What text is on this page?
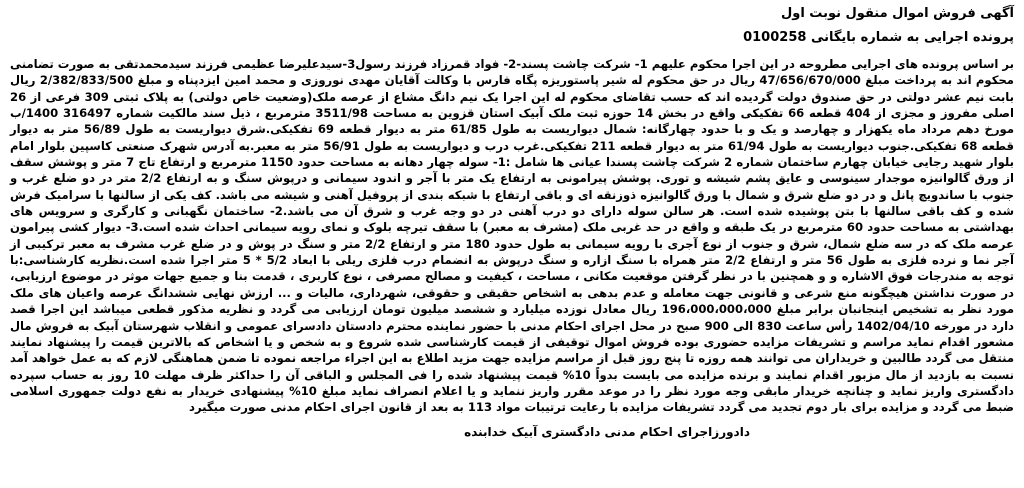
آگهی فروش اموال منقول نوبت اول
پرونده اجرایی به شماره بایگانی 0100258

بر اساس پرونده های اجرایی مطروحه در این اجرا محکوم علیهم 1- شرکت چاشت پسند-2- فواد قمرزاد فرزند رسول3-سیدعلیرضا عظیمی فرزند سیدمحمدتقی به صورت تضامنی محکوم اند به پرداخت مبلغ 47/656/670/000 ریال در حق محکوم له شیر پاستوریزه پگاه فارس با وکالت آقایان مهدی نوروزی و محمد امین ایزدپناه و مبلغ 2/382/833/500 ریال بابت نیم عشر دولتی در حق صندوق دولت گردیده اند که حسب تقاضای محکوم له این اجرا یک نیم دانگ مشاع از عرصه ملک(وضعیت خاص دولتی) به پلاک ثبتی 309 فرعی از 26 اصلی مفروز و مجزی از 404 قطعه 66 تفکیکی واقع در بخش 14 حوزه ثبت ملک آبیک استان قزوین به مساحت 3511/98 مترمربع ، ذیل سند مالکیت شماره 316497 1400/ب مورخ دهم مرداد ماه یکهزار و چهارصد و یک و با حدود چهارگانه: شمال دیواریست به طول 61/85 متر به دیوار قطعه 69 تفکیکی.شرق دیواریست به طول 56/89 متر به دیوار قطعه 68 تفکیکی.جنوب دیواریست به طول 61/94 متر به دیوار قطعه 211 تفکیکی.غرب درب و دیواریست به طول 56/91 متر به معبر.به آدرس شهرک صنعتی کاسپین بلوار امام بلوار شهید رجایی خیابان چهارم ساختمان شماره 2 شرکت چاشت پسندا عیانی ها شامل :1- سوله چهار دهانه به مساحت حدود 1150 مترمربع و ارتفاع تاج 7 متر و پوشش سقف از ورق گالوانیزه موجدار سینوسی و عایق پشم شیشه و توری. پوشش پیرامونی به ارتفاع یک متر با آجر و اندود سیمانی و درپوش سنگ و به ارتفاع 2/2 متر در دو ضلع غرب و جنوب با ساندویچ پانل و در دو ضلع شرق و شمال با ورق گالوانیزه ذوزنقه ای و باقی ارتفاع با شبکه بندی از پروفیل آهنی و شیشه می باشد. کف یکی از سالنها با سرامیک فرش شده و کف باقی سالنها با بتن پوشیده شده است. هر سالن سوله دارای دو درب آهنی در دو وجه غرب و شرق آن می باشد.2- ساختمان نگهبانی و کارگری و سرویس های بهداشتی به مساحت حدود 60 مترمربع در یک طبقه و واقع در حد غربی ملک (مشرف به معبر) با سقف تیرچه بلوک و نمای رویه سیمانی احداث شده است.3- دیوار کشی پیرامون عرصه ملک که در سه ضلع شمال، شرق و جنوب از نوع آجری با رویه سیمانی به طول حدود 180 متر و ارتفاع 2/2 متر و سنگ در پوش و در ضلع غرب مشرف به معبر ترکیبی از آجر نما و نرده فلزی به طول 56 متر و ارتفاع 2/2 متر همراه با سنگ ازاره و سنگ درپوش به انضمام درب فلزی ریلی با ابعاد 5/2 * 5 متر اجرا شده است.نظریه کارشناسی:با توجه به مندرجات فوق الاشاره و و همچنین با در نظر گرفتن موقعیت مکانی ، مساحت ، کیفیت و مصالح مصرفی ، نوع کاربری ، قدمت بنا و جمیع جهات موثر در موضوع ارزیابی، در صورت نداشتن هیچگونه منع شرعی و قانونی جهت معامله و عدم بدهی به اشخاص حقیقی و حقوقی، شهرداری، مالیات و ... ارزش نهایی ششدانگ عرصه واعیان های ملک مورد نظر به تشخیص اینجانبان برابر مبلغ 196،000،000،000 ریال معادل نوزده میلیارد و ششصد میلیون تومان ارزیابی می گردد و نظریه مذکور قطعی میباشد این اجرا قصد دارد در مورخه 1402/04/10 رأس ساعت 830 الی 900 صبح در محل اجرای احکام مدنی با حضور نماینده محترم دادستان دادسرای عمومی و انقلاب شهرستان آبیک به فروش مال مشعور اقدام نماید مراسم و تشریفات مزایده حضوری بوده فروش اموال توقیفی از قیمت کارشناسی شده شروع و به شخص و یا اشخاص که بالاترین قیمت را پیشنهاد نمایند منتقل می گردد طالبین و خریداران می توانند همه روزه تا پنج روز قبل از مراسم مزایده جهت مزید اطلاع به این اجراء مراجعه نموده تا ضمن هماهنگی لازم که به عمل خواهد آمد نسبت به بازدید از مال مزبور اقدام نمایند و برنده مزایده می بایست بدواً 10% قیمت پیشنهاد شده را فی المجلس و الباقی آن را حداکثر ظرف مهلت 10 روز به حساب سپرده دادگستری واریز نماید و چنانچه خریدار مابقی وجه مورد نظر را در موعد مقرر واریز ننماید و یا اعلام انصراف نماید مبلغ 10% پیشنهادی خریدار به نفع دولت جمهوری اسلامی ضبط می گردد و مزایده برای بار دوم تجدید می گردد تشریفات مزایده با رعایت ترتیبات مواد 113 به بعد از قانون اجرای احکام مدنی صورت میگیرد

دادورزاجرای احکام مدنی دادگستری آبیک خدابنده
